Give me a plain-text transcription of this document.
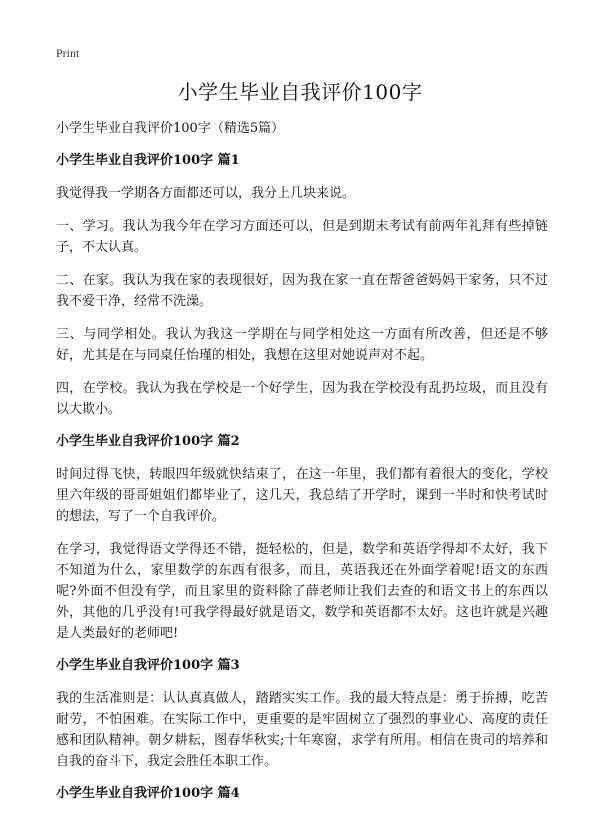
Print
小学生毕业自我评价100字

小学生毕业自我评价100字（精选5篇）

小学生毕业自我评价100字 篇1

我觉得我一学期各方面都还可以，我分上几块来说。

一、学习。我认为我今年在学习方面还可以，但是到期末考试有前两年礼拜有些掉链子，不太认真。

二、在家。我认为我在家的表现很好，因为我在家一直在帮爸爸妈妈干家务，只不过我不爱干净，经常不洗澡。

三、与同学相处。我认为我这一学期在与同学相处这一方面有所改善，但还是不够好，尤其是在与同桌任怡瑾的相处，我想在这里对她说声对不起。

四，在学校。我认为我在学校是一个好学生，因为我在学校没有乱扔垃圾，而且没有以大欺小。

小学生毕业自我评价100字 篇2

时间过得飞快，转眼四年级就快结束了，在这一年里，我们都有着很大的变化，学校里六年级的哥哥姐姐们都毕业了，这几天，我总结了开学时，课到一半时和快考试时的想法，写了一个自我评价。

在学习，我觉得语文学得还不错，挺轻松的，但是，数学和英语学得却不太好，我下不知道为什么，家里数学的东西有很多，而且，英语我还在外面学着呢!语文的东西呢?外面不但没有学，而且家里的资料除了薛老师让我们去查的和语文书上的东西以外，其他的几乎没有!可我学得最好就是语文，数学和英语都不太好。这也许就是兴趣是人类最好的老师吧!

小学生毕业自我评价100字 篇3

我的生活准则是：认认真真做人，踏踏实实工作。我的最大特点是：勇于拚搏，吃苦耐劳，不怕困难。在实际工作中，更重要的是牢固树立了强烈的事业心、高度的责任感和团队精神。朝夕耕耘，图春华秋实;十年寒窗，求学有所用。相信在贵司的培养和自我的奋斗下，我定会胜任本职工作。

小学生毕业自我评价100字 篇4
